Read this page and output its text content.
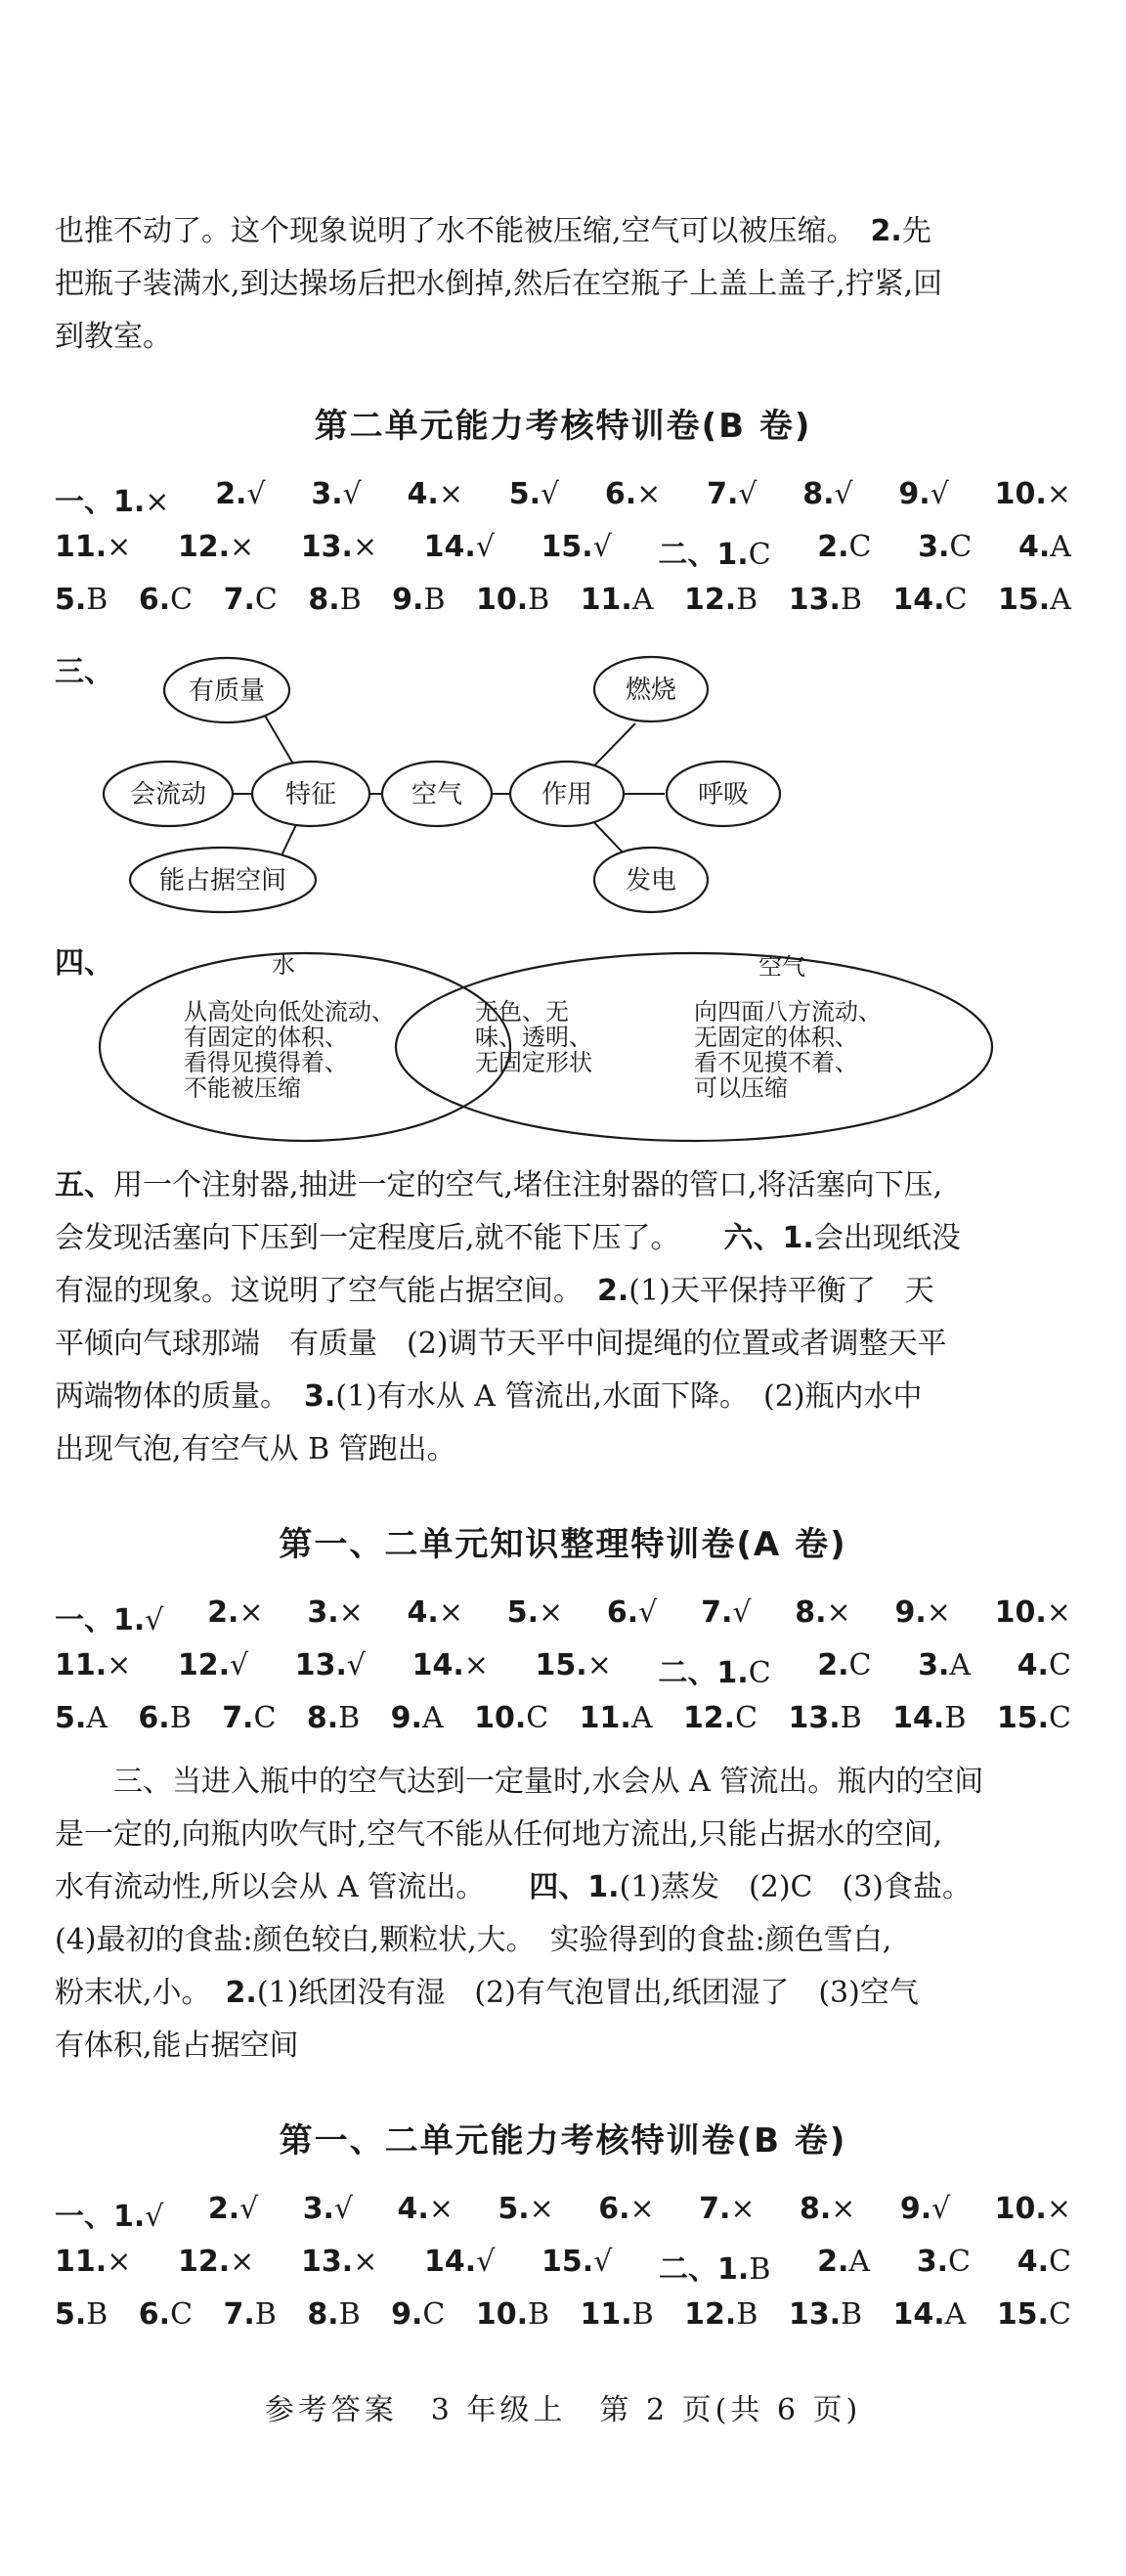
也推不动了。这个现象说明了水不能被压缩,空气可以被压缩。　 2.先
把瓶子装满水,到达操场后把水倒掉,然后在空瓶子上盖上盖子,拧紧,回
到教室。
第二单元能力考核特训卷(B 卷)
一、1.× 2.√ 3.√ 4.× 5.√ 6.× 7.√ 8.√ 9.√ 10.×
11.× 12.× 13.× 14.√ 15.√ 二、1.C 2.C 3.C 4.A
5.B 6.C 7.C 8.B 9.B 10.B 11.A 12.B 13.B 14.C 15.A
三、
有质量
会流动	特征	空气	作用
能占据空间
燃烧
呼吸
发电
四、	水	空气
从高处向低处流动、
有固定的体积、
看得见摸得着、
不能被压缩
无色、无
味、透明、
无固定形状
向四面八方流动、
无固定的体积、
看不见摸不着、
可以压缩
五、用一个注射器,抽进一定的空气,堵住注射器的管口,将活塞向下压,
会发现活塞向下压到一定程度后,就不能下压了。　　 六、1.会出现纸没
有湿的现象。这说明了空气能占据空间。　 2.(1)天平保持平衡了　天
平倾向气球那端　有质量　(2)调节天平中间提绳的位置或者调整天平
两端物体的质量。　 3.(1)有水从 A 管流出,水面下降。　(2)瓶内水中
出现气泡,有空气从 B 管跑出。
第一、二单元知识整理特训卷(A 卷)
一、1.√ 2.× 3.× 4.× 5.× 6.√ 7.√ 8.× 9.× 10.×
11.× 12.√ 13.√ 14.× 15.× 二、1.C 2.C 3.A 4.C
5.A 6.B 7.C 8.B 9.A 10.C 11.A 12.C 13.B 14.B 15.C
三、当进入瓶中的空气达到一定量时,水会从 A 管流出。瓶内的空间
是一定的,向瓶内吹气时,空气不能从任何地方流出,只能占据水的空间,
水有流动性,所以会从 A 管流出。　　 四、1.(1)蒸发　(2)C　(3)食盐。
(4)最初的食盐:颜色较白,颗粒状,大。　实验得到的食盐:颜色雪白,
粉末状,小。　 2.(1)纸团没有湿　(2)有气泡冒出,纸团湿了　(3)空气
有体积,能占据空间
第一、二单元能力考核特训卷(B 卷)
一、1.√ 2.√ 3.√ 4.× 5.× 6.× 7.× 8.× 9.√ 10.×
11.× 12.× 13.× 14.√ 15.√ 二、1.B 2.A 3.C 4.C
5.B 6.C 7.B 8.B 9.C 10.B 11.B 12.B 13.B 14.A 15.C
参考答案　3 年级上　第 2 页(共 6 页)
